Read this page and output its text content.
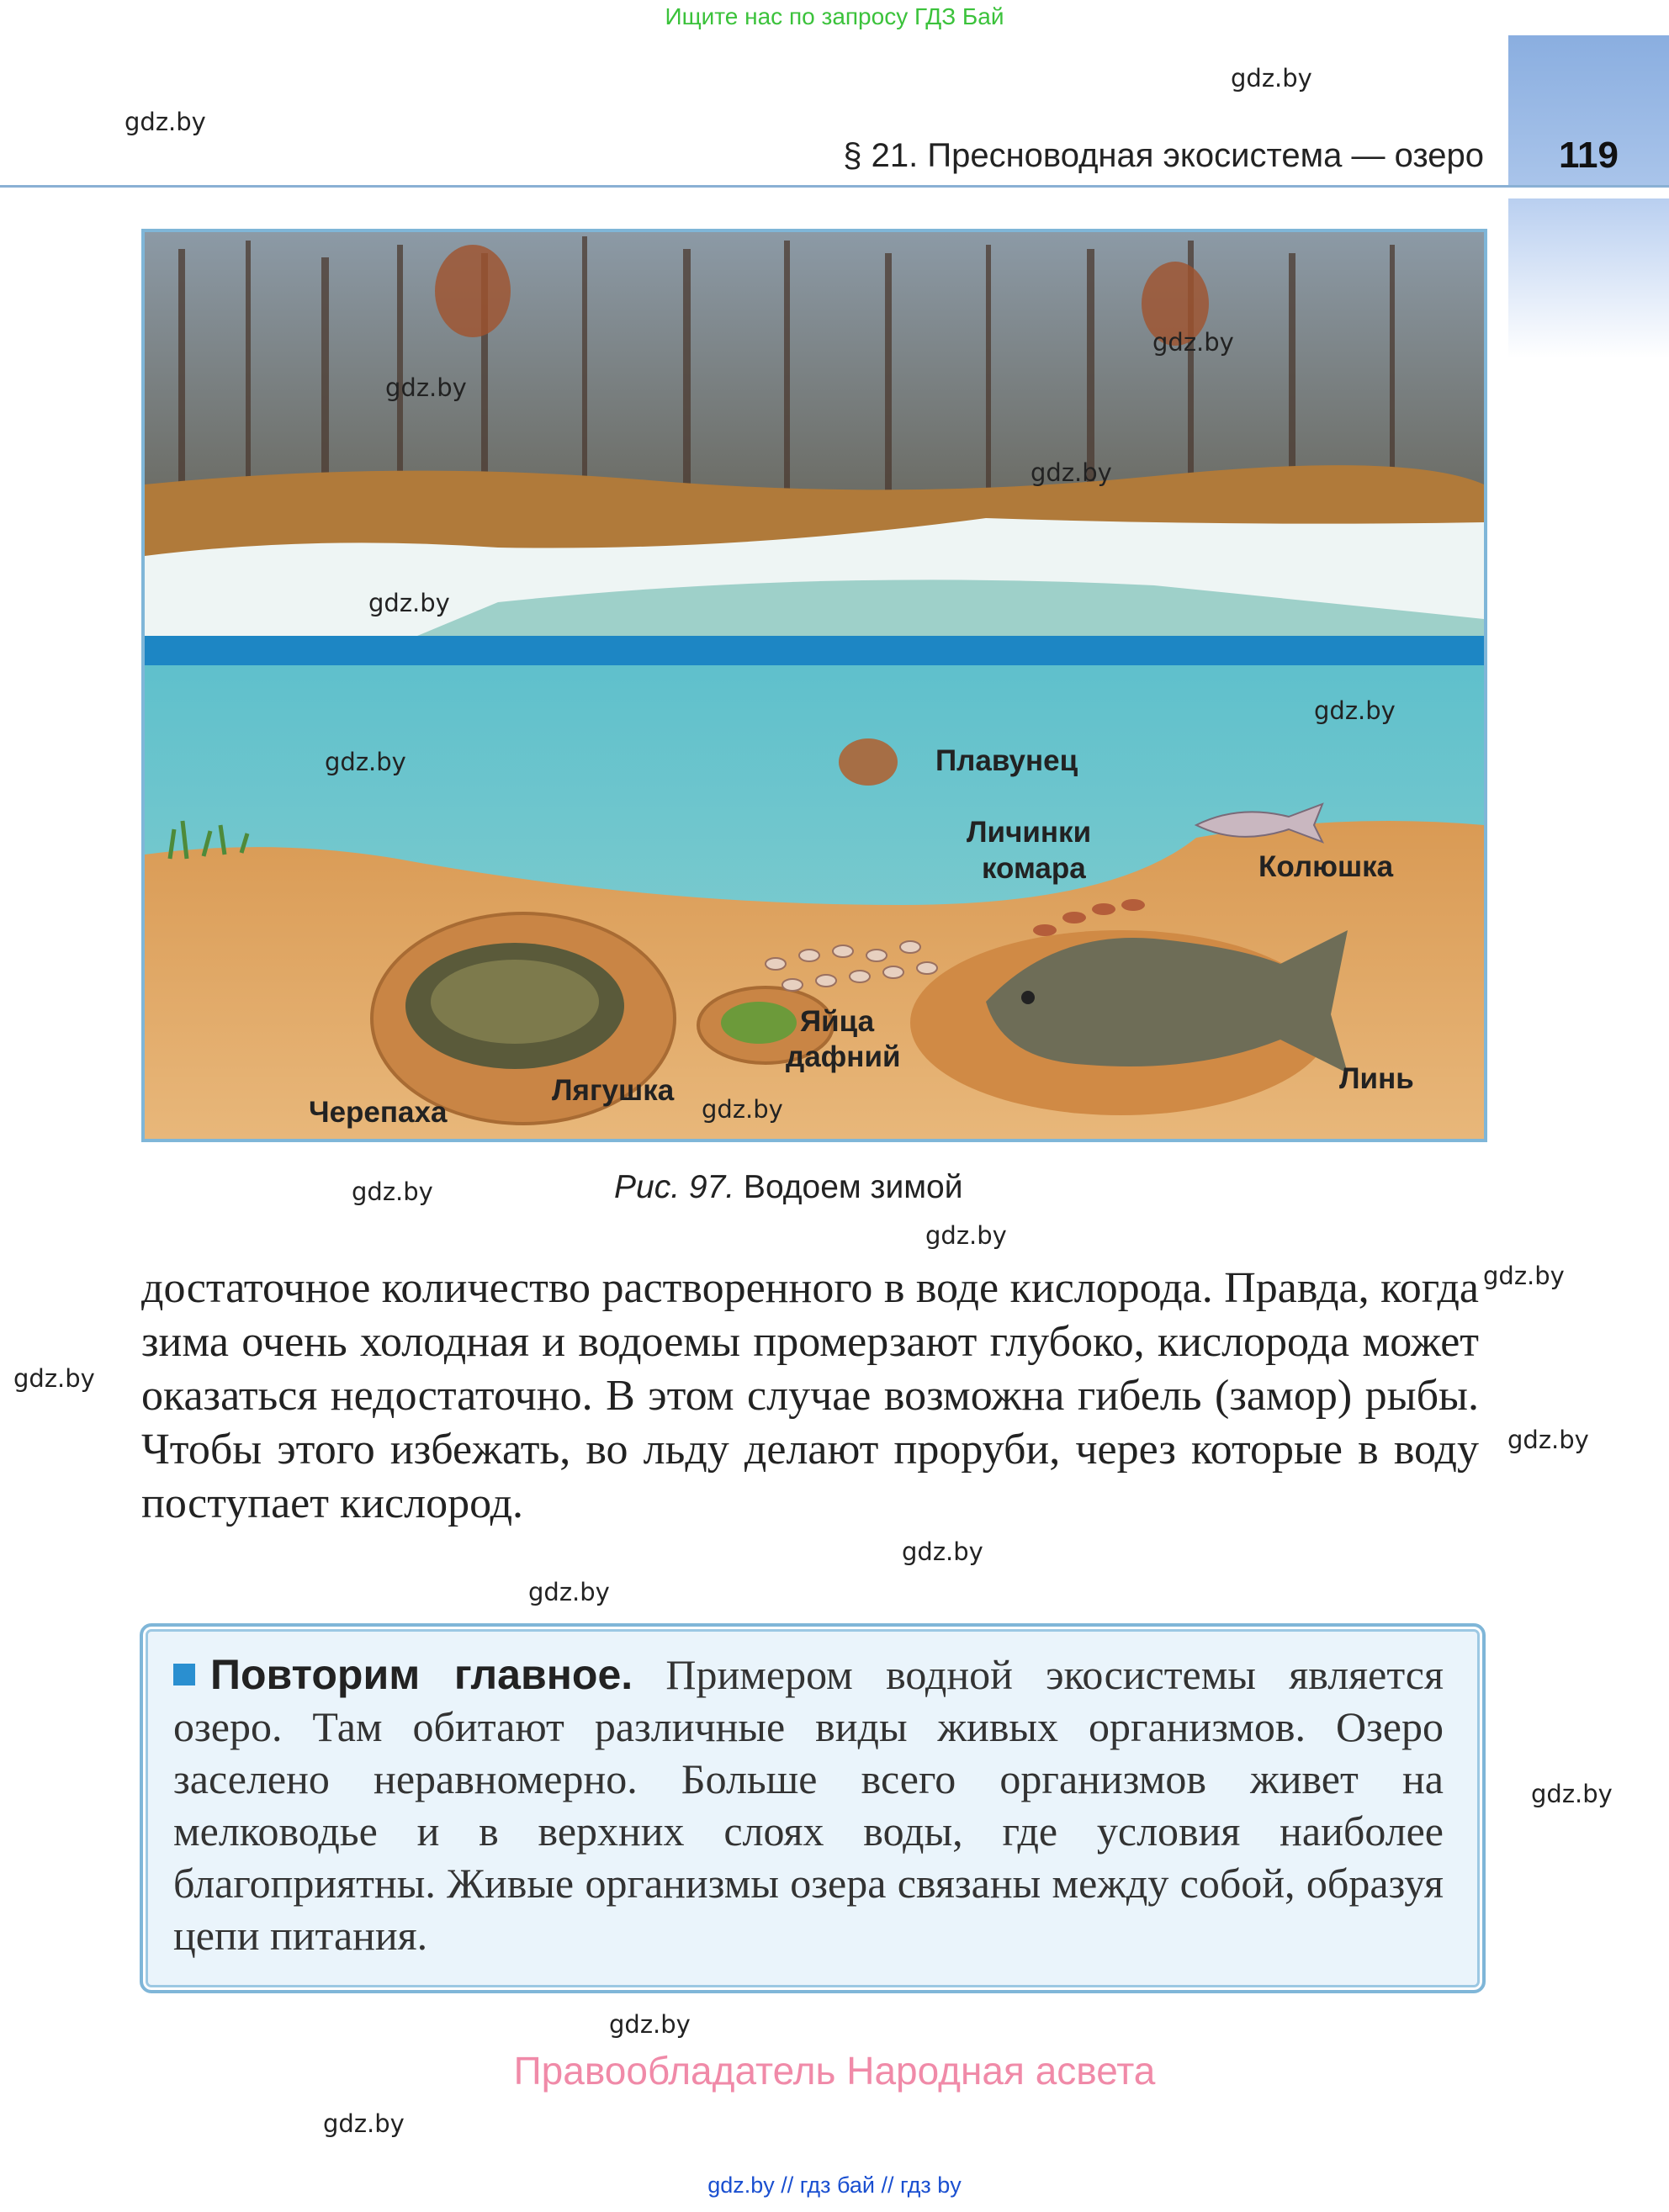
Ищите нас по запросу ГДЗ Бай
§ 21. Пресноводная экосистема — озеро	119
gdz.by
gdz.by
gdz.by
gdz.by
gdz.by
gdz.by
gdz.by
gdz.by
gdz.by
gdz.by
gdz.by
gdz.by
Плавунец
Личинки
комара	Колюшка
Яйца
дафний
Черепаха
Лягушка	Линь
gdz.by
gdz.by
gdz.by
gdz.by
gdz.by
gdz.by
gdz.by
Рис. 97. Водоем зимой
достаточное количество растворенного в воде кислорода. Правда, когда зима очень холодная и водоемы промерзают глубоко, кислорода может оказаться недостаточно. В этом случае возможна гибель (замор) рыбы. Чтобы этого избежать, во льду делают проруби, через которые в воду поступает кислород.
Повторим главное. Примером водной экосистемы является озеро. Там обитают различные виды живых организмов. Озеро заселено неравномерно. Больше всего организмов живет на мелководье и в верхних слоях воды, где условия наиболее благоприятны. Живые организмы озера связаны между собой, образуя цепи питания.
Правообладатель Народная асвета
gdz.by // гдз бай // гдз by
